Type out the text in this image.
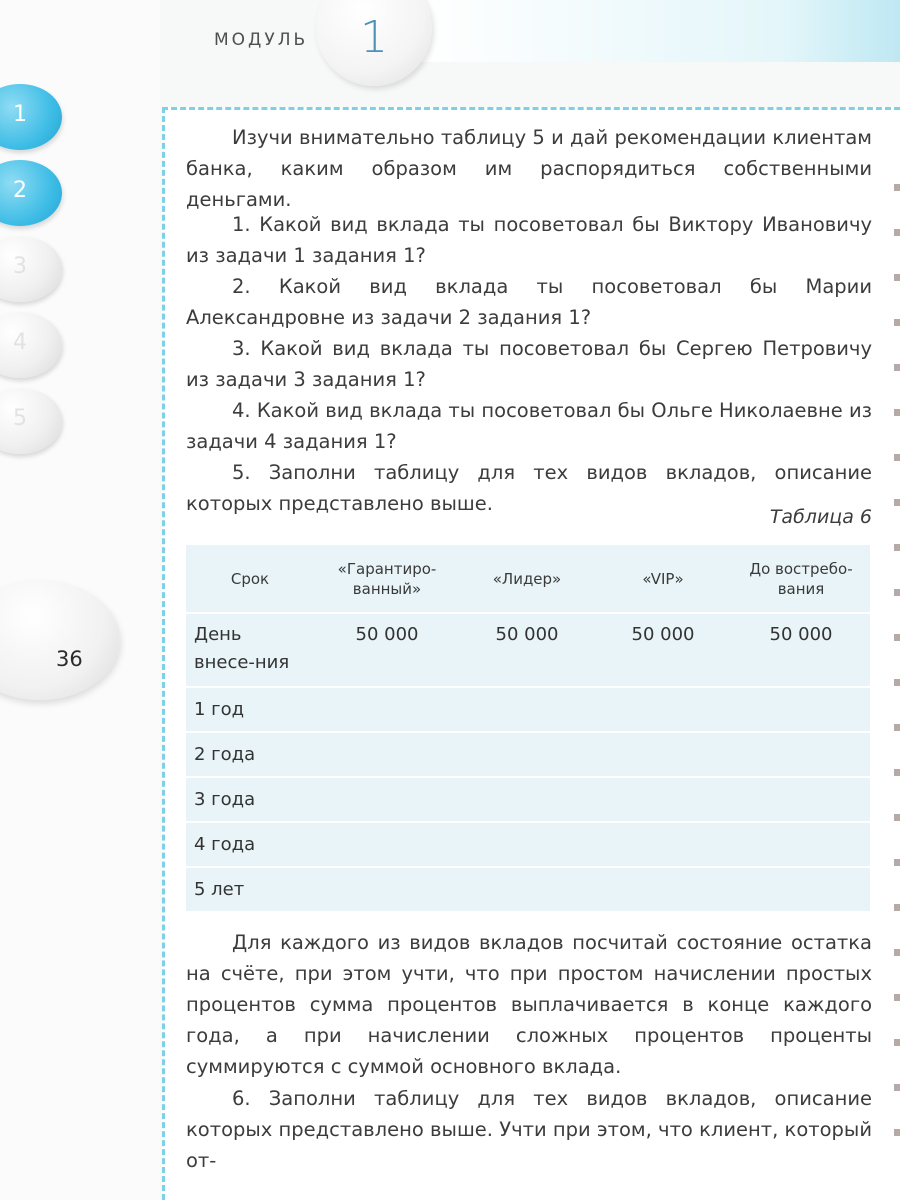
МОДУЛЬ 1
1
2
3
4
5
36

Изучи внимательно таблицу 5 и дай рекомендации клиентам банка, каким образом им распорядиться собственными деньгами.

1. Какой вид вклада ты посоветовал бы Виктору Ивановичу из задачи 1 задания 1?

2. Какой вид вклада ты посоветовал бы Марии Александровне из задачи 2 задания 1?

3. Какой вид вклада ты посоветовал бы Сергею Петровичу из задачи 3 задания 1?

4. Какой вид вклада ты посоветовал бы Ольге Николаевне из задачи 4 задания 1?

5. Заполни таблицу для тех видов вкладов, описание которых представлено выше.

Таблица 6
Срок	«Гарантиро-ванный»	«Лидер»	«VIP»	До востребо-вания
День внесе-ния	50 000	50 000	50 000	50 000
1 год				
2 года				
3 года				
4 года				
5 лет				

Для каждого из видов вкладов посчитай состояние остатка на счёте, при этом учти, что при простом начислении простых процентов сумма процентов выплачивается в конце каждого года, а при начислении сложных процентов проценты суммируются с суммой основного вклада.

6. Заполни таблицу для тех видов вкладов, описание которых представлено выше. Учти при этом, что клиент, который от-
